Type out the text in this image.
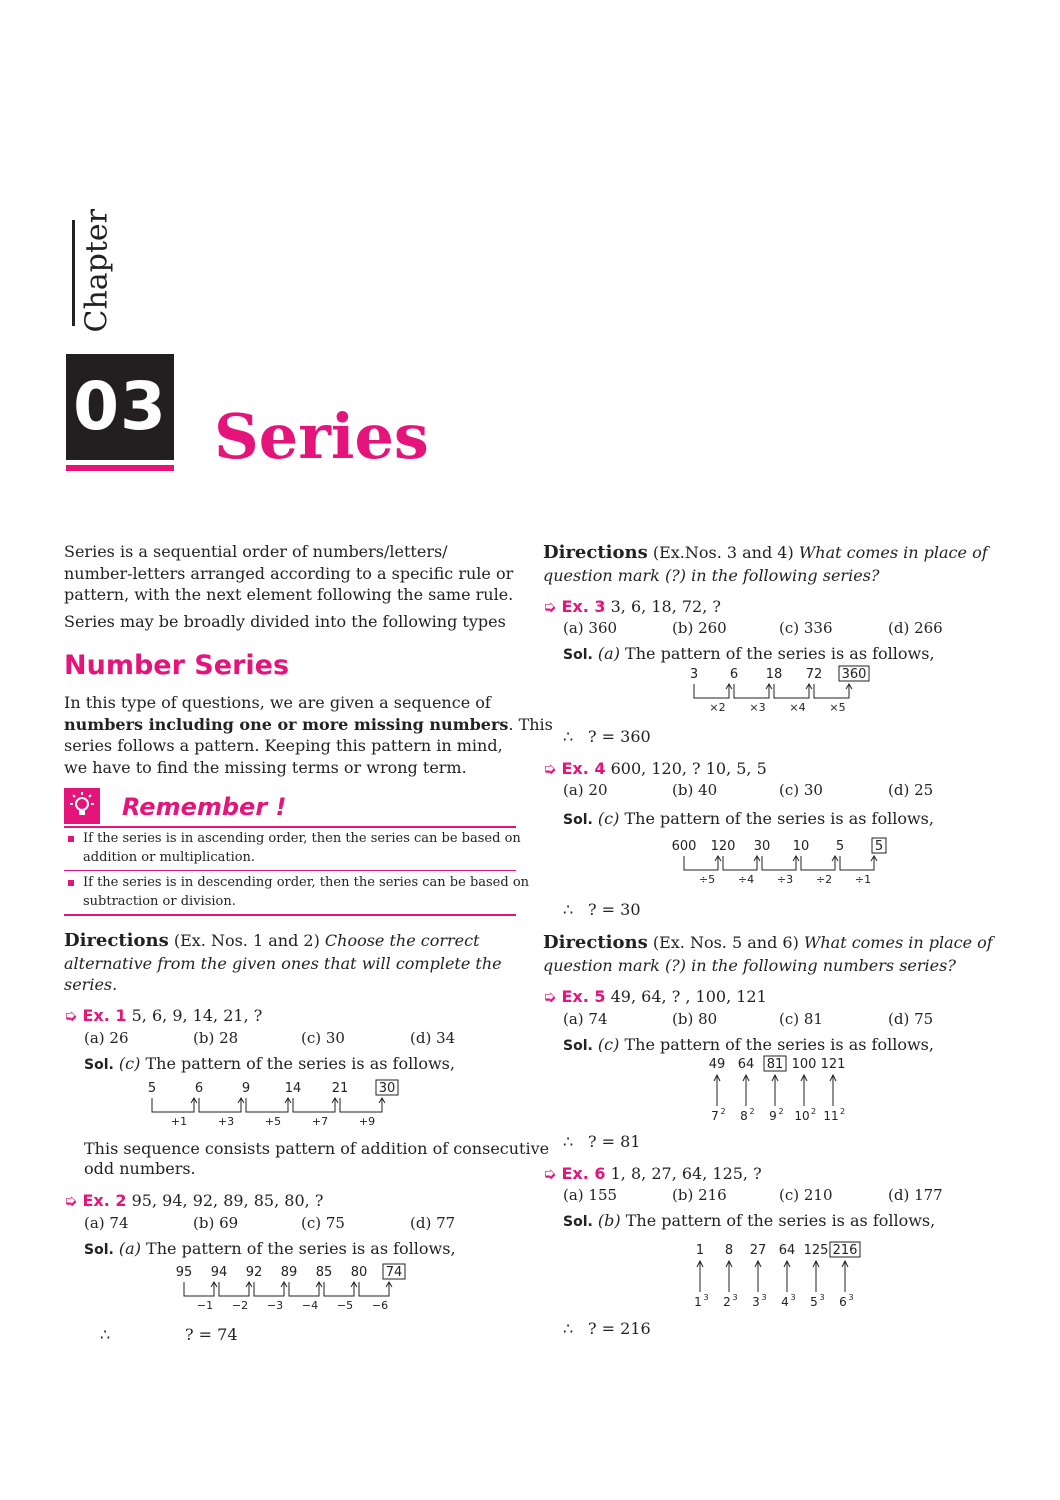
Chapter
03 Series
Series is a sequential order of numbers/letters/
number-letters arranged according to a specific rule or
pattern, with the next element following the same rule.
Series may be broadly divided into the following types
Number Series
In this type of questions, we are given a sequence of
numbers including one or more missing numbers. This
series follows a pattern. Keeping this pattern in mind,
we have to find the missing terms or wrong term.
Remember !
If the series is in ascending order, then the series can be based on
addition or multiplication.
If the series is in descending order, then the series can be based on
subtraction or division.
Directions (Ex. Nos. 1 and 2) Choose the correct
alternative from the given ones that will complete the
series.
➭ Ex. 1 5, 6, 9, 14, 21, ?
(a) 26	(b) 28	(c) 30	(d) 34
Sol. (c) The pattern of the series is as follows,
5	6	9	14 21 30
+1	+3	+5	+7	+9
This sequence consists pattern of addition of consecutive
odd numbers.
➭ Ex. 2 95, 94, 92, 89, 85, 80, ?
(a) 74	(b) 69	(c) 75	(d) 77
Sol. (a) The pattern of the series is as follows,
95 94 92 89 85 80 74
−1 −2 −3 −4 −5 −6
∴	? = 74
Directions (Ex.Nos. 3 and 4) What comes in place of
question mark (?) in the following series?
➭ Ex. 3 3, 6, 18, 72, ?
(a) 360	(b) 260	(c) 336	(d) 266
Sol. (a) The pattern of the series is as follows,
3 6 18 72 360
×2 ×3 ×4 ×5
∴ ? = 360
➭ Ex. 4 600, 120, ? 10, 5, 5
(a) 20	(b) 40	(c) 30	(d) 25
Sol. (c) The pattern of the series is as follows,
600 120 30 10 5 5
÷5 ÷4 ÷3 ÷2 ÷1
∴ ? = 30
Directions (Ex. Nos. 5 and 6) What comes in place of
question mark (?) in the following numbers series?
➭ Ex. 5 49, 64, ? , 100, 121
(a) 74	(b) 80	(c) 81	(d) 75
Sol. (c) The pattern of the series is as follows,
49
7 2
64
8 2
81
9 2
100
10 2
121
11 2
∴ ? = 81
➭ Ex. 6 1, 8, 27, 64, 125, ?
(a) 155	(b) 216	(c) 210	(d) 177
Sol. (b) The pattern of the series is as follows,
1
1 3
8
2 3
27
3 3
64
4 3
125
5 3
216
6 3
∴ ? = 216
